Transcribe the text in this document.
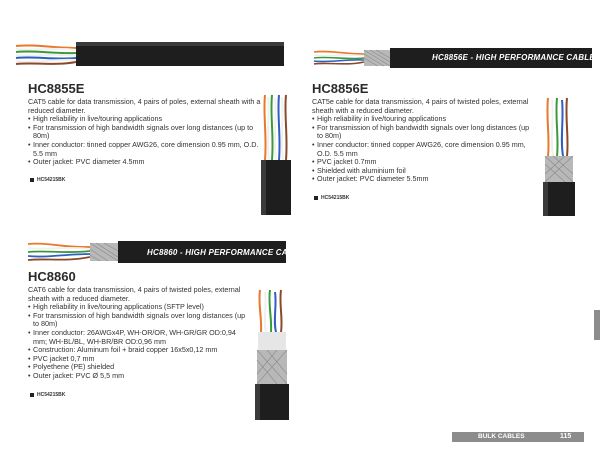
HC8855E
CAT5 cable for data transmission, 4 pairs of poles, external sheath with a reduced diameter.
• High reliability in live/touring applications
• For transmission of high bandwidth signals over long distances (up to 80m)
• Inner conductor: tinned copper AWG26, core dimension 0.95 mm, O.D. 5.5 mm
• Outer jacket: PVC diameter 4.5mm
HC54215BK
HC8856E - HIGH PERFORMANCE CABLE
HC8856E
CAT5e cable for data transmission, 4 pairs of twisted poles, external sheath with a reduced diameter.
• High reliability in live/touring applications
• For transmission of high bandwidth signals over long distances (up to 80m)
• Inner conductor: tinned copper AWG26, core dimension 0.95 mm, O.D. 5.5 mm
• PVC jacket 0.7mm
• Shielded with aluminium foil
• Outer jacket: PVC diameter 5.5mm
HC54215BK
HC8860 - HIGH PERFORMANCE CABLE
HC8860
CAT6 cable for data transmission, 4 pairs of twisted poles, external sheath with a reduced diameter.
• High reliability in live/touring applications (SFTP level)
• For transmission of high bandwidth signals over long distances (up to 80m)
• Inner conductor: 26AWGx4P, WH-OR/OR, WH-GR/GR OD:0,94 mm; WH-BL/BL, WH-BR/BR OD:0,96 mm
• Construction: Aluminum foil + braid copper 16x5x0,12 mm
• PVC jacket 0,7 mm
• Polyethene (PE) shielded
• Outer jacket: PVC Ø 5,5 mm
HC54215BK
BULK CABLES	115
